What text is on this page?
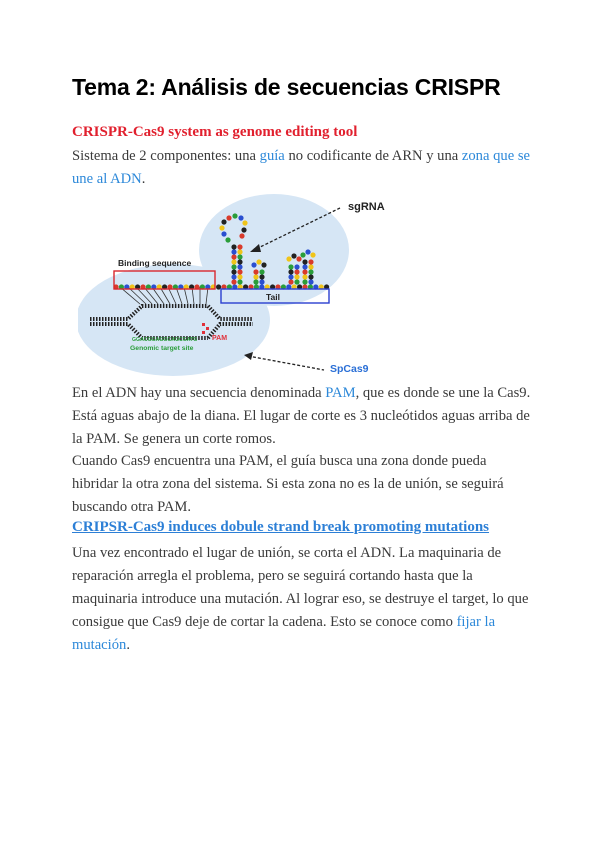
Tema 2: Análisis de secuencias CRISPR
CRISPR-Cas9 system as genome editing tool

Sistema de 2 componentes: una guía no codificante de ARN y una zona que se une al ADN.

Binding sequence
Tail
sgRNA
SpCas9
GGACGGAGGCAGCGATG PAM
Genomic target site

En el ADN hay una secuencia denominada PAM, que es donde se une la Cas9. Está aguas abajo de la diana. El lugar de corte es 3 nucleótidos aguas arriba de la PAM. Se genera un corte romos.

Cuando Cas9 encuentra una PAM, el guía busca una zona donde pueda hibridar la otra zona del sistema. Si esta zona no es la de unión, se seguirá buscando otra PAM.

CRIPSR-Cas9 induces dobule strand break promoting mutations

Una vez encontrado el lugar de unión, se corta el ADN. La maquinaria de reparación arregla el problema, pero se seguirá cortando hasta que la maquinaria introduce una mutación. Al lograr eso, se destruye el target, lo que consigue que Cas9 deje de cortar la cadena. Esto se conoce como fijar la mutación.
